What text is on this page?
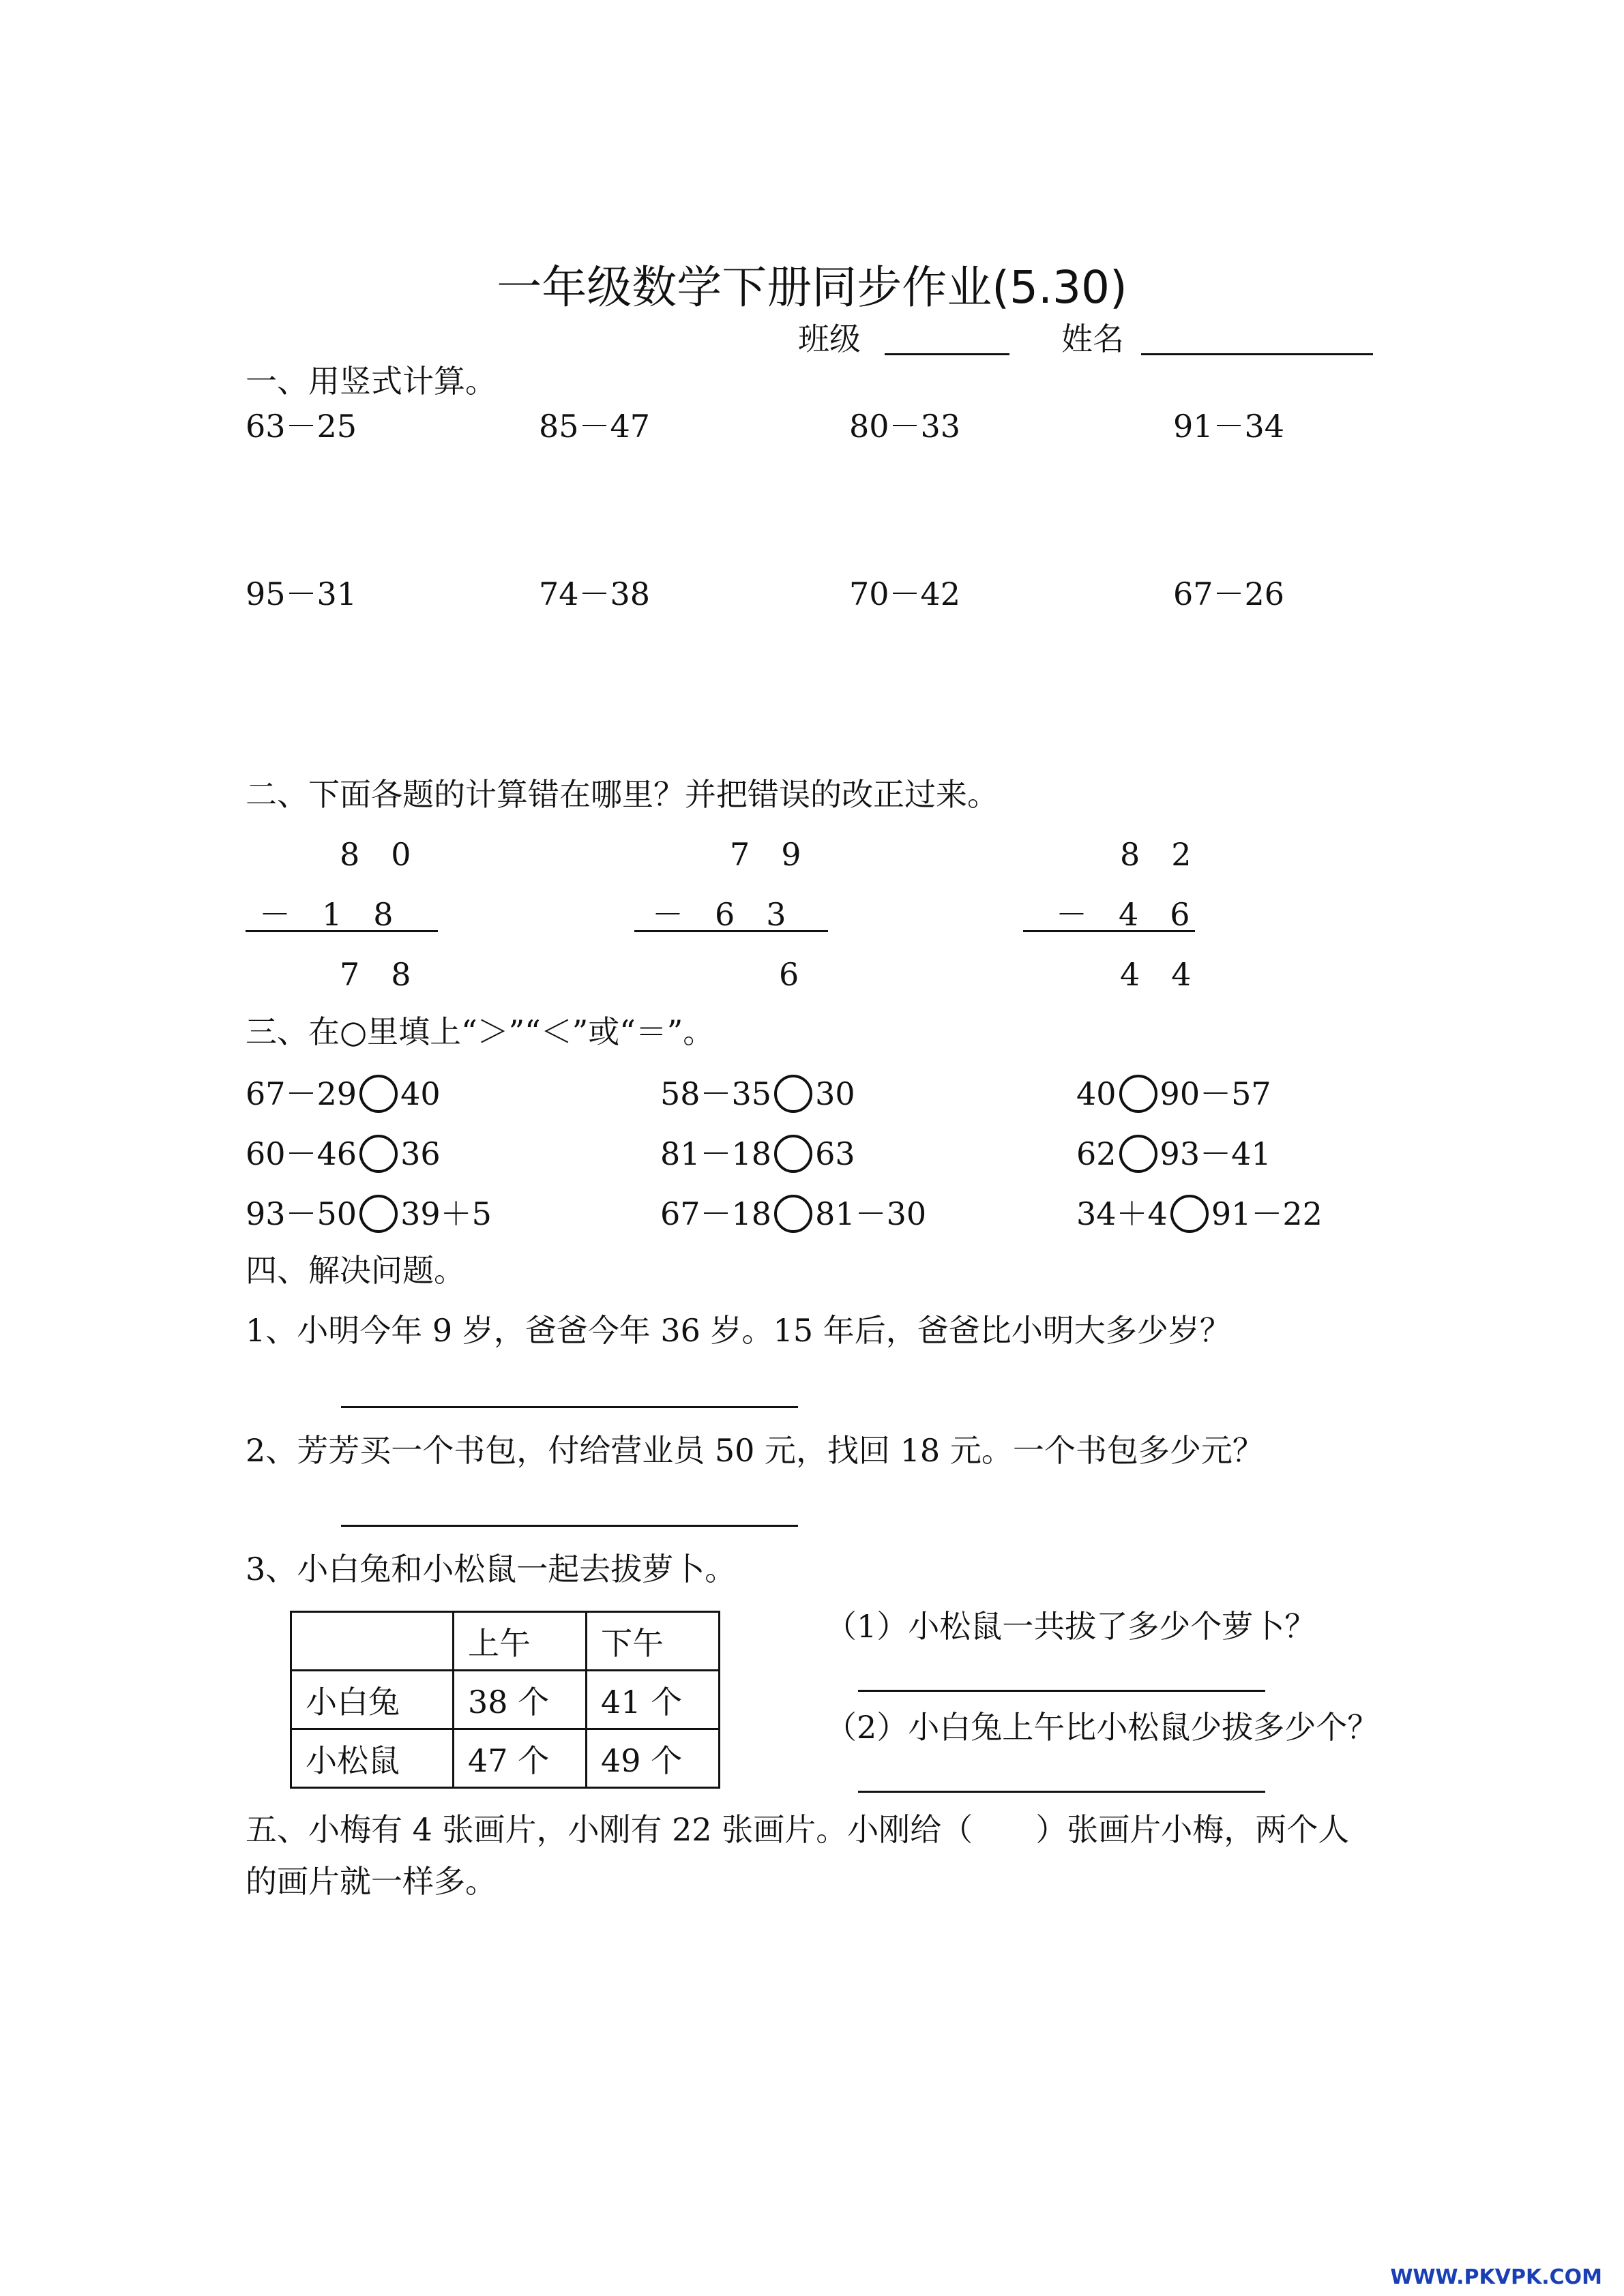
一年级数学下册同步作业(5.30)
班级	姓名
一、用竖式计算。
63－25	85－47	80－33	91－34
95－31	74－38	70－42	67－26
二、下面各题的计算错在哪里？并把错误的改正过来。
8　0
－　1　8
7　8
7　9
－　6　3
6
8　2
－　4　6
4　4
三、在○里填上“＞”“＜”或“＝”。
67－29 40	58－35 30	40 90－57
60－46 36	81－18 63	62 93－41
93－50 39＋5	67－18 81－30	34＋4 91－22
四、解决问题。
1、小明今年 9 岁，爸爸今年 36 岁。15 年后，爸爸比小明大多少岁？
2、芳芳买一个书包，付给营业员 50 元，找回 18 元。一个书包多少元？
3、小白兔和小松鼠一起去拔萝卜。
	上午	下午
小白兔	38 个	41 个
小松鼠	47 个	49 个
（1）小松鼠一共拔了多少个萝卜？
（2）小白兔上午比小松鼠少拔多少个？
五、小梅有 4 张画片，小刚有 22 张画片。小刚给（　　）张画片小梅，两个人
的画片就一样多。
WWW.PKVPK.COM
